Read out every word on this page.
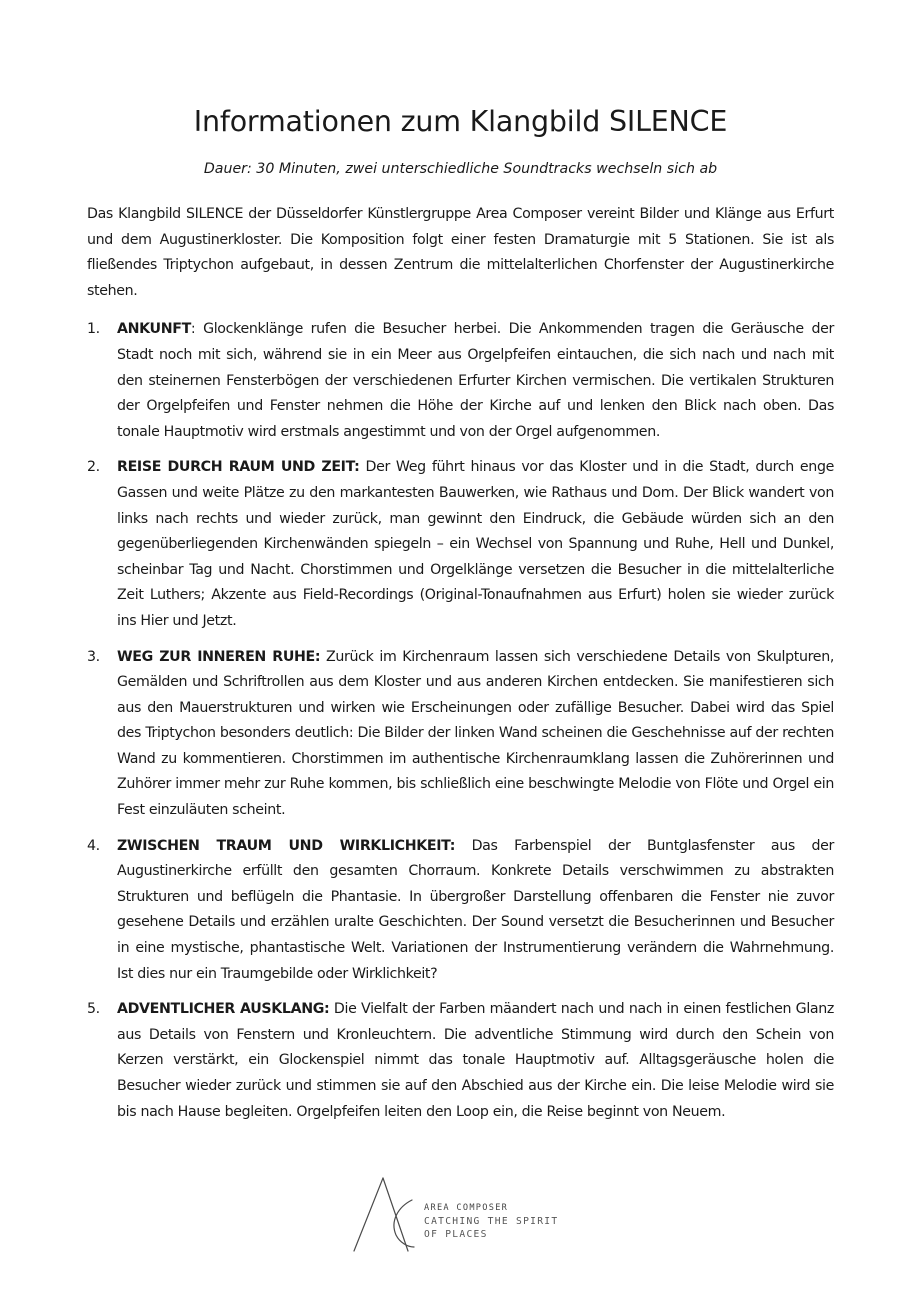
Informationen zum Klangbild SILENCE

Dauer: 30 Minuten, zwei unterschiedliche Soundtracks wechseln sich ab

Das Klangbild SILENCE der Düsseldorfer Künstlergruppe Area Composer vereint Bilder und Klänge aus Erfurt und dem Augustinerkloster. Die Komposition folgt einer festen Dramaturgie mit 5 Stationen. Sie ist als fließendes Triptychon aufgebaut, in dessen Zentrum die mittelalterlichen Chorfenster der Augustinerkirche stehen.

1. ANKUNFT: Glockenklänge rufen die Besucher herbei. Die Ankommenden tragen die Geräusche der Stadt noch mit sich, während sie in ein Meer aus Orgelpfeifen eintauchen, die sich nach und nach mit den steinernen Fensterbögen der verschiedenen Erfurter Kirchen vermischen. Die vertikalen Strukturen der Orgelpfeifen und Fenster nehmen die Höhe der Kirche auf und lenken den Blick nach oben. Das tonale Hauptmotiv wird erstmals angestimmt und von der Orgel aufgenommen.
2. REISE DURCH RAUM UND ZEIT: Der Weg führt hinaus vor das Kloster und in die Stadt, durch enge Gassen und weite Plätze zu den markantesten Bauwerken, wie Rathaus und Dom. Der Blick wandert von links nach rechts und wieder zurück, man gewinnt den Eindruck, die Gebäude würden sich an den gegenüberliegenden Kirchenwänden spiegeln – ein Wechsel von Spannung und Ruhe, Hell und Dunkel, scheinbar Tag und Nacht. Chorstimmen und Orgelklänge versetzen die Besucher in die mittelalterliche Zeit Luthers; Akzente aus Field-Recordings (Original-Tonaufnahmen aus Erfurt) holen sie wieder zurück ins Hier und Jetzt.
3. WEG ZUR INNEREN RUHE: Zurück im Kirchenraum lassen sich verschiedene Details von Skulpturen, Gemälden und Schriftrollen aus dem Kloster und aus anderen Kirchen entdecken. Sie manifestieren sich aus den Mauerstrukturen und wirken wie Erscheinungen oder zufällige Besucher. Dabei wird das Spiel des Triptychon besonders deutlich: Die Bilder der linken Wand scheinen die Geschehnisse auf der rechten Wand zu kommentieren. Chorstimmen im authentische Kirchenraumklang lassen die Zuhörerinnen und Zuhörer immer mehr zur Ruhe kommen, bis schließlich eine beschwingte Melodie von Flöte und Orgel ein Fest einzuläuten scheint.
4. ZWISCHEN TRAUM UND WIRKLICHKEIT: Das Farbenspiel der Buntglasfenster aus der Augustinerkirche erfüllt den gesamten Chorraum. Konkrete Details verschwimmen zu abstrakten Strukturen und beflügeln die Phantasie. In übergroßer Darstellung offenbaren die Fenster nie zuvor gesehene Details und erzählen uralte Geschichten. Der Sound versetzt die Besucherinnen und Besucher in eine mystische, phantastische Welt. Variationen der Instrumentierung verändern die Wahrnehmung. Ist dies nur ein Traumgebilde oder Wirklichkeit?
5. ADVENTLICHER AUSKLANG: Die Vielfalt der Farben mäandert nach und nach in einen festlichen Glanz aus Details von Fenstern und Kronleuchtern. Die adventliche Stimmung wird durch den Schein von Kerzen verstärkt, ein Glockenspiel nimmt das tonale Hauptmotiv auf. Alltagsgeräusche holen die Besucher wieder zurück und stimmen sie auf den Abschied aus der Kirche ein. Die leise Melodie wird sie bis nach Hause begleiten. Orgelpfeifen leiten den Loop ein, die Reise beginnt von Neuem.
AREA COMPOSER
CATCHING THE SPIRIT
OF PLACES
